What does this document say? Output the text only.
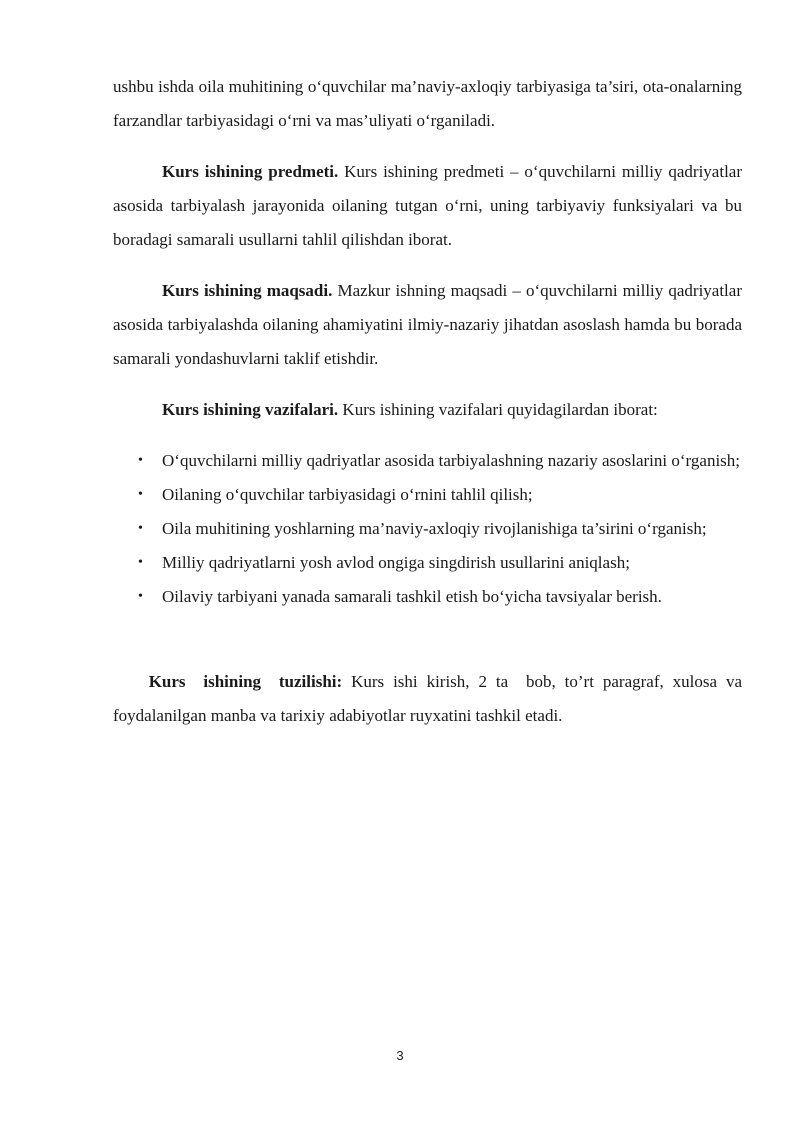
ushbu ishda oila muhitining o‘quvchilar ma’naviy-axloqiy tarbiyasiga ta’siri, ota-onalarning farzandlar tarbiyasidagi o‘rni va mas’uliyati o‘rganiladi.

Kurs ishining predmeti. Kurs ishining predmeti – o‘quvchilarni milliy qadriyatlar asosida tarbiyalash jarayonida oilaning tutgan o‘rni, uning tarbiyaviy funksiyalari va bu boradagi samarali usullarni tahlil qilishdan iborat.

Kurs ishining maqsadi. Mazkur ishning maqsadi – o‘quvchilarni milliy qadriyatlar asosida tarbiyalashda oilaning ahamiyatini ilmiy-nazariy jihatdan asoslash hamda bu borada samarali yondashuvlarni taklif etishdir.

Kurs ishining vazifalari. Kurs ishining vazifalari quyidagilardan iborat:

• O‘quvchilarni milliy qadriyatlar asosida tarbiyalashning nazariy asoslarini o‘rganish;
• Oilaning o‘quvchilar tarbiyasidagi o‘rnini tahlil qilish;
• Oila muhitining yoshlarning ma’naviy-axloqiy rivojlanishiga ta’sirini o‘rganish;
• Milliy qadriyatlarni yosh avlod ongiga singdirish usullarini aniqlash;
• Oilaviy tarbiyani yanada samarali tashkil etish bo‘yicha tavsiyalar berish.

Kurs  ishining  tuzilishi: Kurs ishi kirish, 2 ta  bob, to’rt paragraf, xulosa va foydalanilgan manba va tarixiy adabiyotlar ruyxatini tashkil etadi.

3
